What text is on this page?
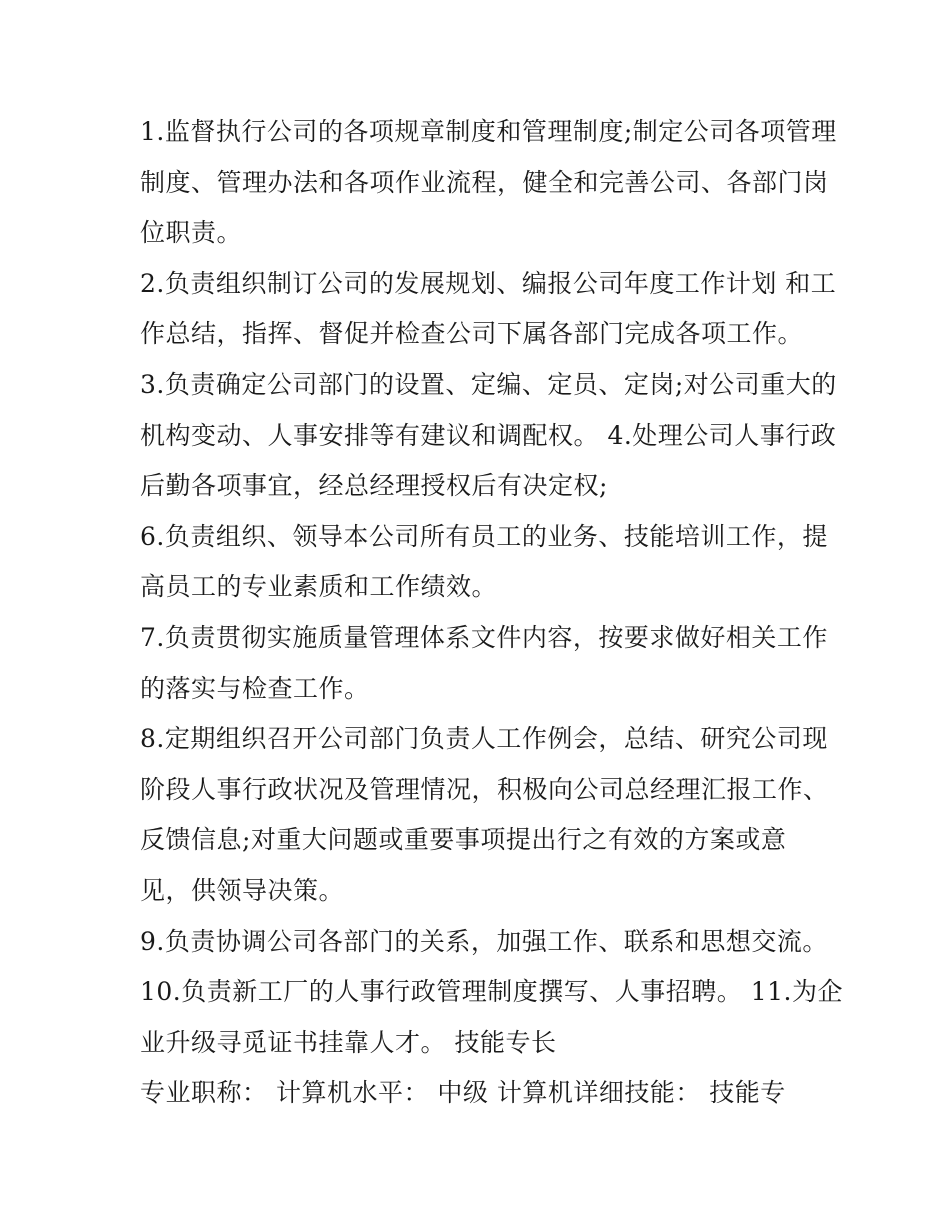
1.监督执行公司的各项规章制度和管理制度;制定公司各项管理
制度、管理办法和各项作业流程，健全和完善公司、各部门岗
位职责。
2.负责组织制订公司的发展规划、编报公司年度工作计划 和工
作总结，指挥、督促并检查公司下属各部门完成各项工作。
3.负责确定公司部门的设置、定编、定员、定岗;对公司重大的
机构变动、人事安排等有建议和调配权。 4.处理公司人事行政
后勤各项事宜，经总经理授权后有决定权;
6.负责组织、领导本公司所有员工的业务、技能培训工作，提
高员工的专业素质和工作绩效。
7.负责贯彻实施质量管理体系文件内容，按要求做好相关工作
的落实与检查工作。
8.定期组织召开公司部门负责人工作例会，总结、研究公司现
阶段人事行政状况及管理情况，积极向公司总经理汇报工作、
反馈信息;对重大问题或重要事项提出行之有效的方案或意
见，供领导决策。
9.负责协调公司各部门的关系，加强工作、联系和思想交流。
10.负责新工厂的人事行政管理制度撰写、人事招聘。 11.为企
业升级寻觅证书挂靠人才。 技能专长
专业职称： 计算机水平： 中级 计算机详细技能： 技能专
